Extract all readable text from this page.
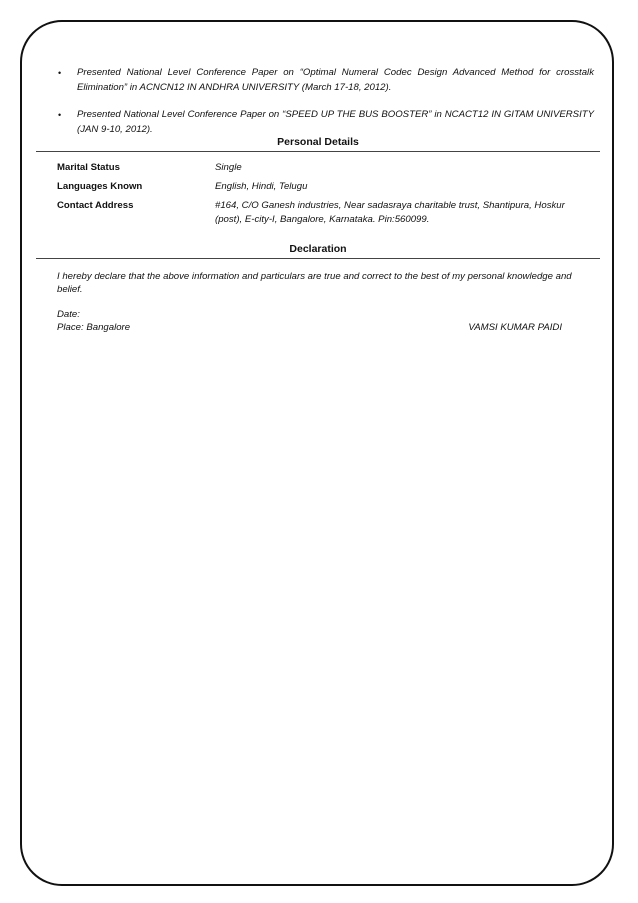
• Presented National Level Conference Paper on “Optimal Numeral Codec Design Advanced Method for crosstalk Elimination” in ACNCN12 IN ANDHRA UNIVERSITY (March 17-18, 2012).
• Presented National Level Conference Paper on “SPEED UP THE BUS BOOSTER” in NCACT12 IN GITAM UNIVERSITY (JAN 9-10, 2012).
Personal Details
Marital Status	Single
Languages Known	English, Hindi, Telugu
Contact Address	#164, C/O Ganesh industries, Near sadasraya charitable trust, Shantipura, Hoskur (post), E-city-I, Bangalore, Karnataka. Pin:560099.
Declaration

I hereby declare that the above information and particulars are true and correct to the best of my personal knowledge and belief.

Date:
Place: Bangalore	VAMSI KUMAR PAIDI
